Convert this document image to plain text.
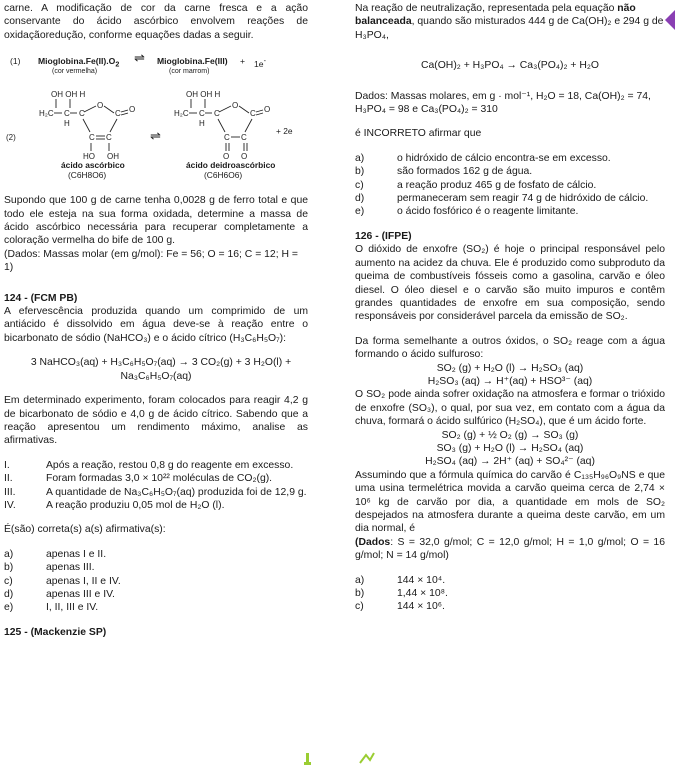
carne. A modificação de cor da carne fresca e a ação conservante do ácido ascórbico envolvem reações de oxidaçãoredução, conforme equações dadas a seguir.

(1) $Mioglobina.Fe(II).O_2$
(cor vermelha)
⇌ Mioglobina.Fe(III) + 1e-
(cor marrom)
OH OH H
H₂C C C
O
C O
H
C C
HO OH
(2)	⇌
OH OH H
H₂C C C
O
C O
H
C C
O O
+ 2e
ácido ascórbico
(C6H8O6)
ácido deidroascórbico
(C6H6O6)

Supondo que 100 g de carne tenha 0,0028 g de ferro total e que todo ele esteja na sua forma oxidada, determine a massa de ácido ascórbico necessária para recuperar completamente a coloração vermelha do bife de 100 g.

(Dados: Massas molar (em g/mol): Fe = 56; O = 16; C = 12; H = 1)

124 - (FCM PB)

A efervescência produzida quando um comprimido de um antiácido é dissolvido em água deve-se à reação entre o bicarbonato de sódio (NaHCO₃) e o ácido cítrico (H₃C₆H₅O₇):

3 NaHCO₃(aq) + H₃C₆H₅O₇(aq) → 3 CO₂(g) + 3 H₂O(l) +

Na₃C₆H₅O₇(aq)

Em determinado experimento, foram colocados para reagir 4,2 g de bicarbonato de sódio e 4,0 g de ácido cítrico. Sabendo que a reação apresentou um rendimento máximo, analise as afirmativas.

I.	Após a reação, restou 0,8 g do reagente em excesso.
II.	Foram formadas 3,0 × 10²² moléculas de CO₂(g).
III.	A quantidade de Na₃C₆H₅O₇(aq) produzida foi de 12,9 g.
IV.	A reação produziu 0,05 mol de H₂O (l).

É(são) correta(s) a(s) afirmativa(s):

a)	apenas I e II.
b)	apenas III.
c)	apenas I, II e IV.
d)	apenas III e IV.
e)	I, II, III e IV.

125 - (Mackenzie SP)

Na reação de neutralização, representada pela equação não balanceada, quando são misturados 444 g de Ca(OH)₂ e 294 g de H₃PO₄,

Ca(OH)₂ + H₃PO₄ → Ca₃(PO₄)₂ + H₂O

Dados: Massas molares, em g · mol⁻¹, H₂O = 18, Ca(OH)₂ = 74, H₃PO₄ = 98 e Ca₃(PO₄)₂ = 310

é INCORRETO afirmar que

a)	o hidróxido de cálcio encontra-se em excesso.
b)	são formados 162 g de água.
c)	a reação produz 465 g de fosfato de cálcio.
d)	permaneceram sem reagir 74 g de hidróxido de cálcio.
e)	o ácido fosfórico é o reagente limitante.

126 - (IFPE)

O dióxido de enxofre (SO₂) é hoje o principal responsável pelo aumento na acidez da chuva. Ele é produzido como subproduto da queima de combustíveis fósseis como a gasolina, carvão e óleo diesel. O óleo diesel e o carvão são muito impuros e contêm grandes quantidades de enxofre em sua composição, sendo responsáveis por considerável parcela da emissão de SO₂.

Da forma semelhante a outros óxidos, o SO₂ reage com a água formando o ácido sulfuroso:

SO₂ (g) + H₂O (l) → H₂SO₃ (aq)

H₂SO₃ (aq) → H⁺(aq) + HSO³⁻ (aq)

O SO₂ pode ainda sofrer oxidação na atmosfera e formar o trióxido de enxofre (SO₃), o qual, por sua vez, em contato com a água da chuva, formará o ácido sulfúrico (H₂SO₄), que é um ácido forte.

SO₂ (g) + ½ O₂ (g) → SO₃ (g)

SO₃ (g) + H₂O (l) → H₂SO₄ (aq)

H₂SO₄ (aq) → 2H⁺ (aq) + SO₄²⁻ (aq)

Assumindo que a fórmula química do carvão é C₁₃₅H₉₆O₉NS e que uma usina termelétrica movida a carvão queima cerca de 2,74 × 10⁶ kg de carvão por dia, a quantidade em mols de SO₂ despejados na atmosfera durante a queima deste carvão, em um dia normal, é

(Dados: S = 32,0 g/mol; C = 12,0 g/mol; H = 1,0 g/mol; O = 16 g/mol; N = 14 g/mol)

a)	144 × 10⁴.
b)	1,44 × 10⁸.
c)	144 × 10⁶.
